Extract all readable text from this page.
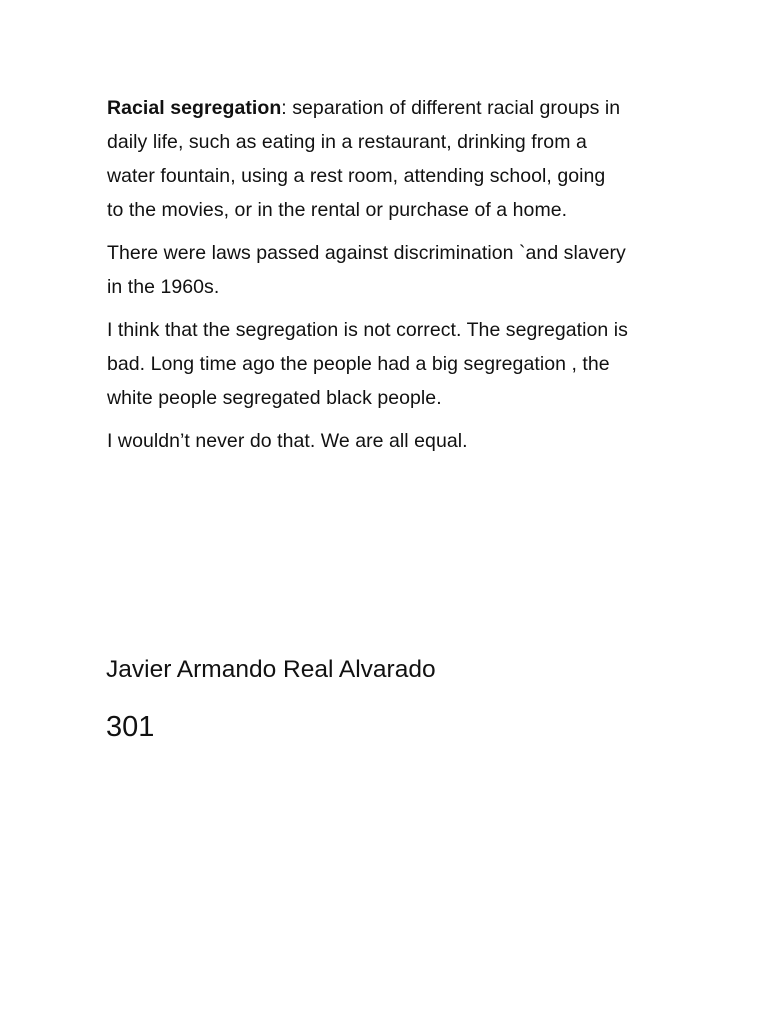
Racial segregation: separation of different racial groups in
daily life, such as eating in a restaurant, drinking from a
water fountain, using a rest room, attending school, going
to the movies, or in the rental or purchase of a home.

There were laws passed against discrimination `and slavery
in the 1960s.

I think that the segregation is not correct. The segregation is
bad. Long time ago the people had a big segregation , the
white people segregated black people.

I wouldn’t never do that. We are all equal.

Javier Armando Real Alvarado
301
